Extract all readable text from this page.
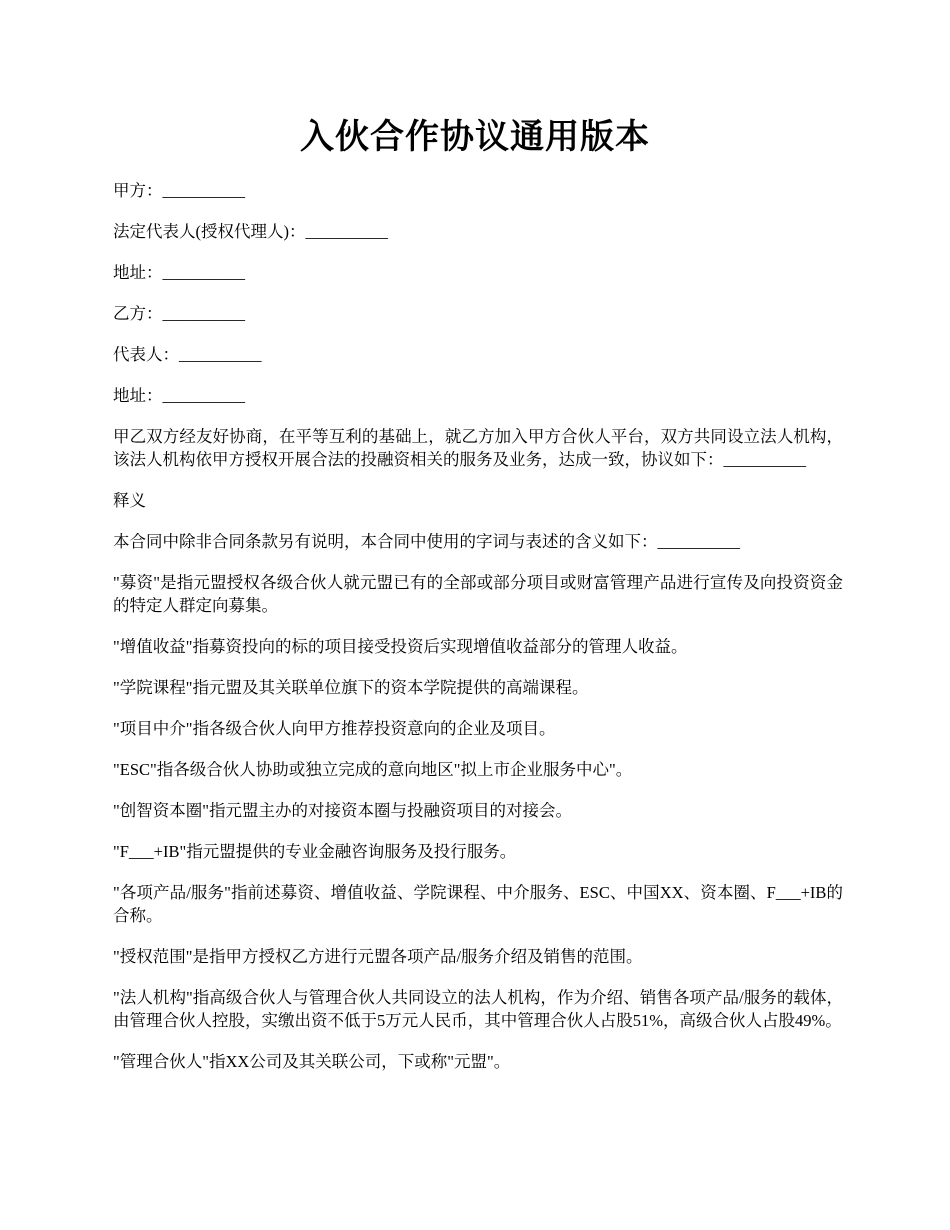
入伙合作协议通用版本

甲方：__________

法定代表人(授权代理人)：__________

地址：__________

乙方：__________

代表人：__________

地址：__________

甲乙双方经友好协商，在平等互利的基础上，就乙方加入甲方合伙人平台，双方共同设立法人机构，该法人机构依甲方授权开展合法的投融资相关的服务及业务，达成一致，协议如下：__________

释义

本合同中除非合同条款另有说明，本合同中使用的字词与表述的含义如下：__________

"募资"是指元盟授权各级合伙人就元盟已有的全部或部分项目或财富管理产品进行宣传及向投资资金的特定人群定向募集。

"增值收益"指募资投向的标的项目接受投资后实现增值收益部分的管理人收益。

"学院课程"指元盟及其关联单位旗下的资本学院提供的高端课程。

"项目中介"指各级合伙人向甲方推荐投资意向的企业及项目。

"ESC"指各级合伙人协助或独立完成的意向地区"拟上市企业服务中心"。

"创智资本圈"指元盟主办的对接资本圈与投融资项目的对接会。

"F___+IB"指元盟提供的专业金融咨询服务及投行服务。

"各项产品/服务"指前述募资、增值收益、学院课程、中介服务、ESC、中国XX、资本圈、F___+IB的合称。

"授权范围"是指甲方授权乙方进行元盟各项产品/服务介绍及销售的范围。

"法人机构"指高级合伙人与管理合伙人共同设立的法人机构，作为介绍、销售各项产品/服务的载体，由管理合伙人控股，实缴出资不低于5万元人民币，其中管理合伙人占股51%，高级合伙人占股49%。

"管理合伙人"指XX公司及其关联公司，下或称"元盟"。
